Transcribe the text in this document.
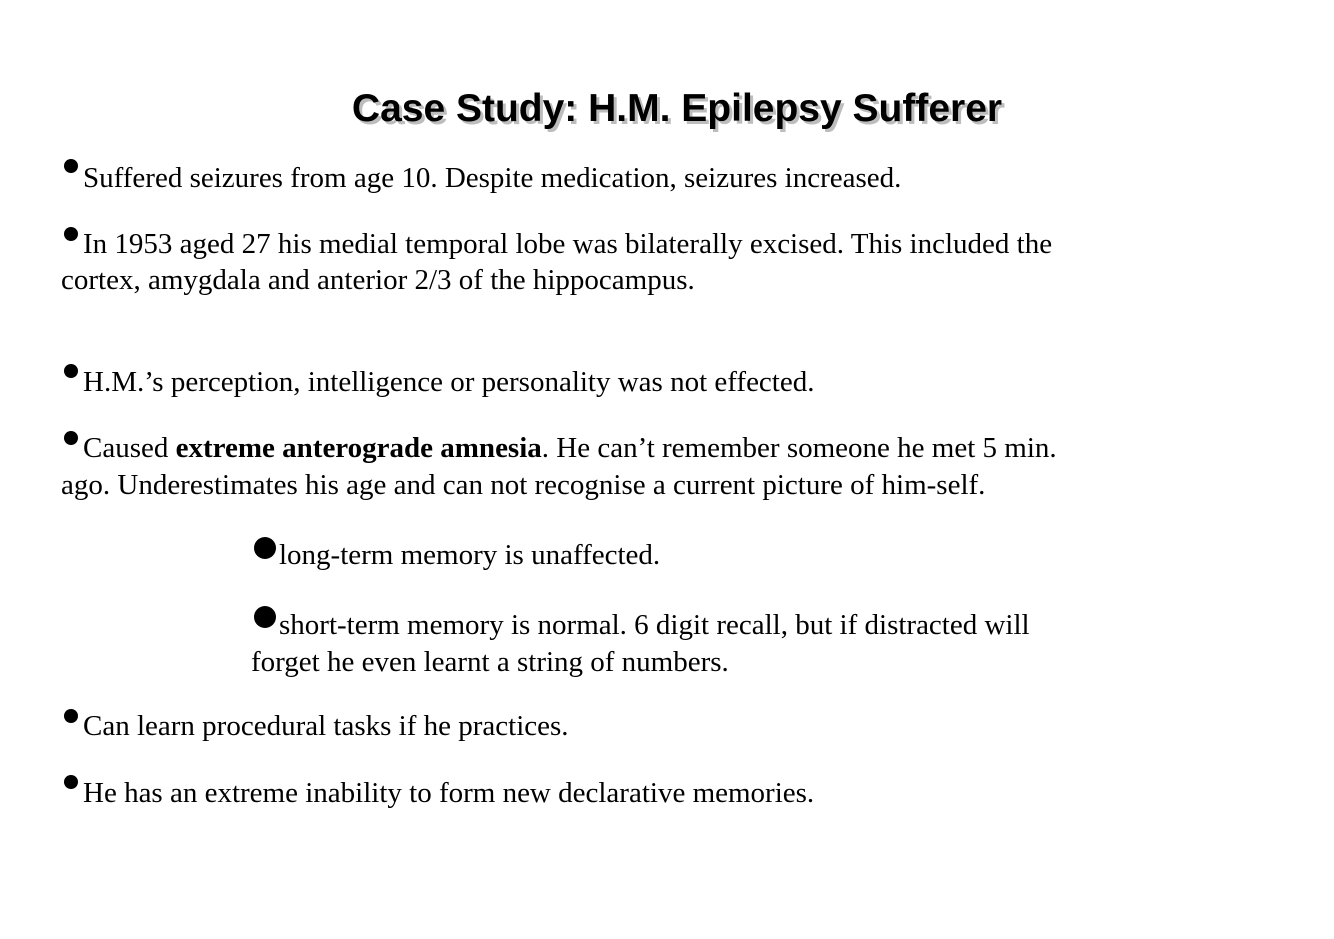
Case Study: H.M. Epilepsy Sufferer
Suffered seizures from age 10. Despite medication, seizures increased.
In 1953 aged 27 his medial temporal lobe was bilaterally excised. This included the
cortex, amygdala and anterior 2/3 of the hippocampus.
H.M.’s perception, intelligence or personality was not effected.
Caused extreme anterograde amnesia. He can’t remember someone he met 5 min.
ago. Underestimates his age and can not recognise a current picture of him-self.
long-term memory is unaffected.
short-term memory is normal. 6 digit recall, but if distracted will
forget he even learnt a string of numbers.
Can learn procedural tasks if he practices.
He has an extreme inability to form new declarative memories.
